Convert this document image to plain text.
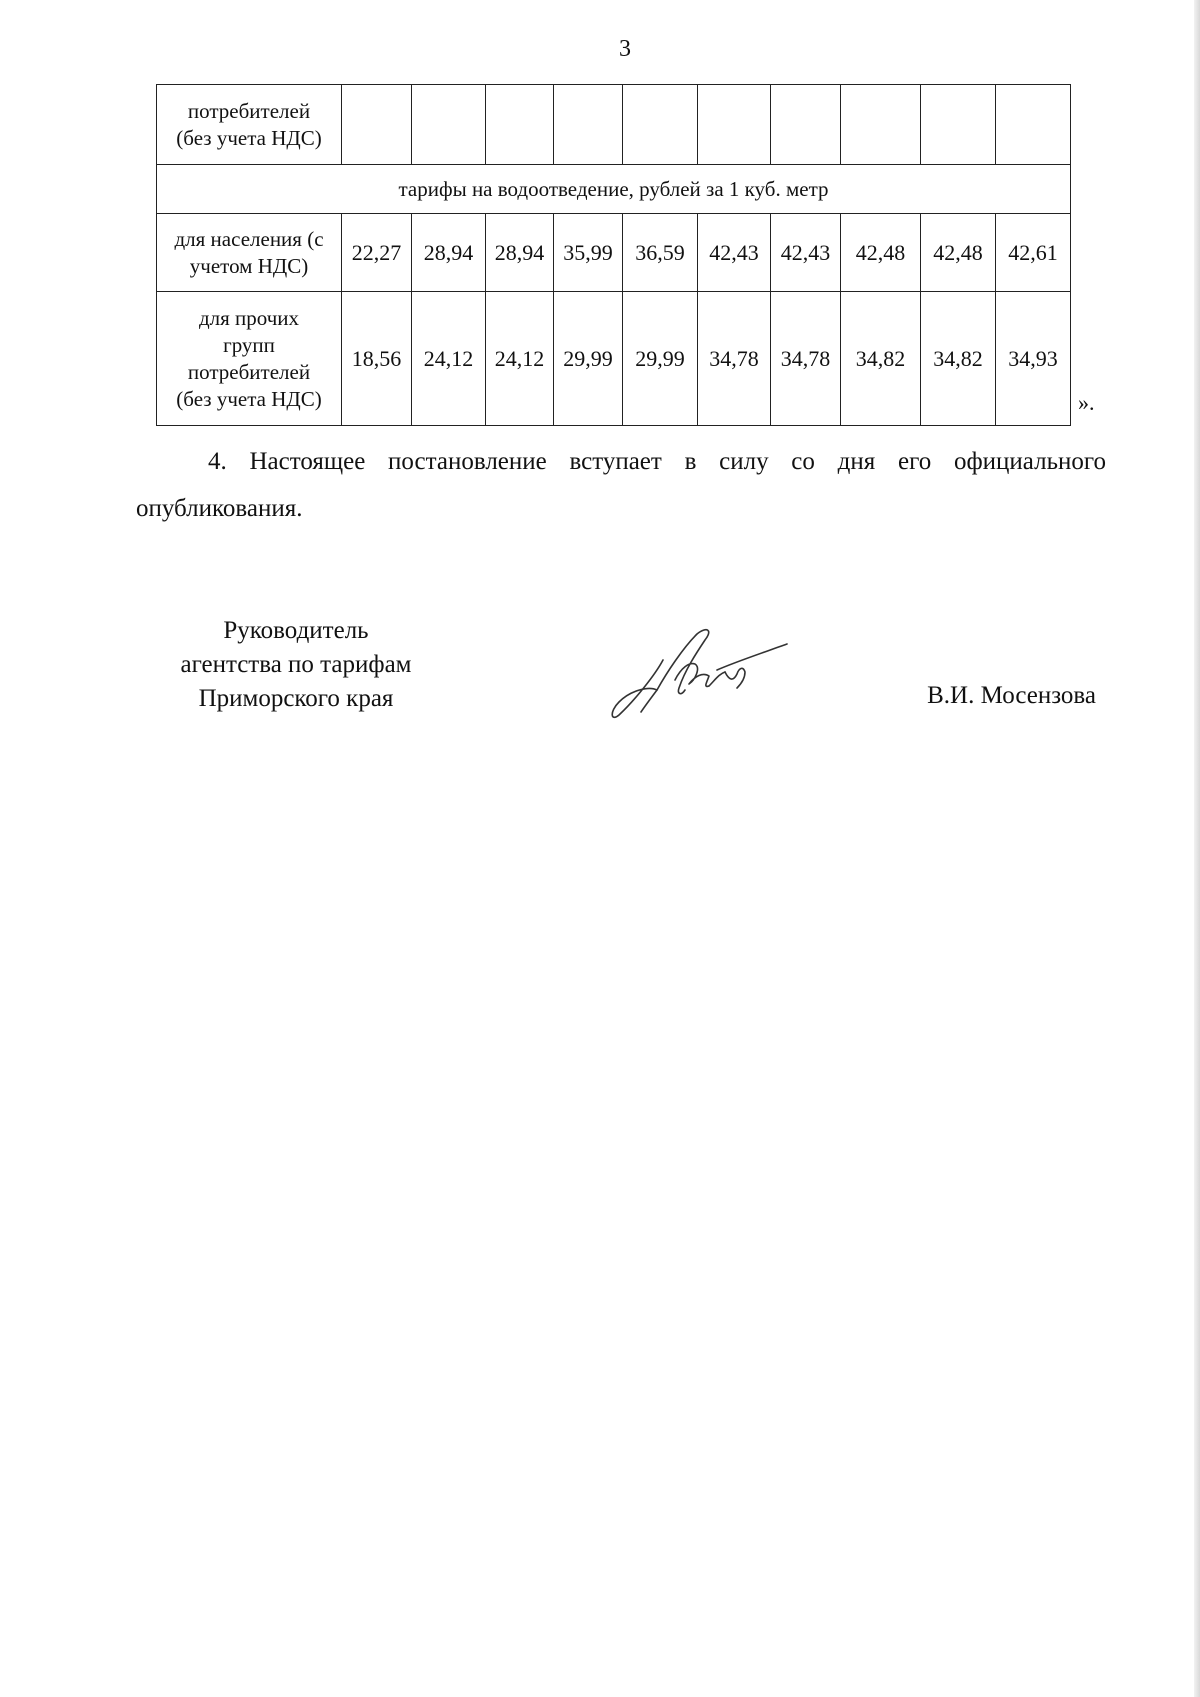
3
потребителей
(без учета НДС)										

тарифы на водоотведение, рублей за 1 куб. метр										

для населения (с
учетом НДС)	22,27	28,94	28,94	35,99	36,59	42,43	42,43	42,48	42,48	42,61

для прочих
групп
потребителей
(без учета НДС)	18,56	24,12	24,12	29,99	29,99	34,78	34,78	34,82	34,82	34,93
».

4. Настоящее постановление вступает в силу со дня его официального опубликования.

Руководитель
агентства по тарифам
Приморского края	В.И. Мосензова
